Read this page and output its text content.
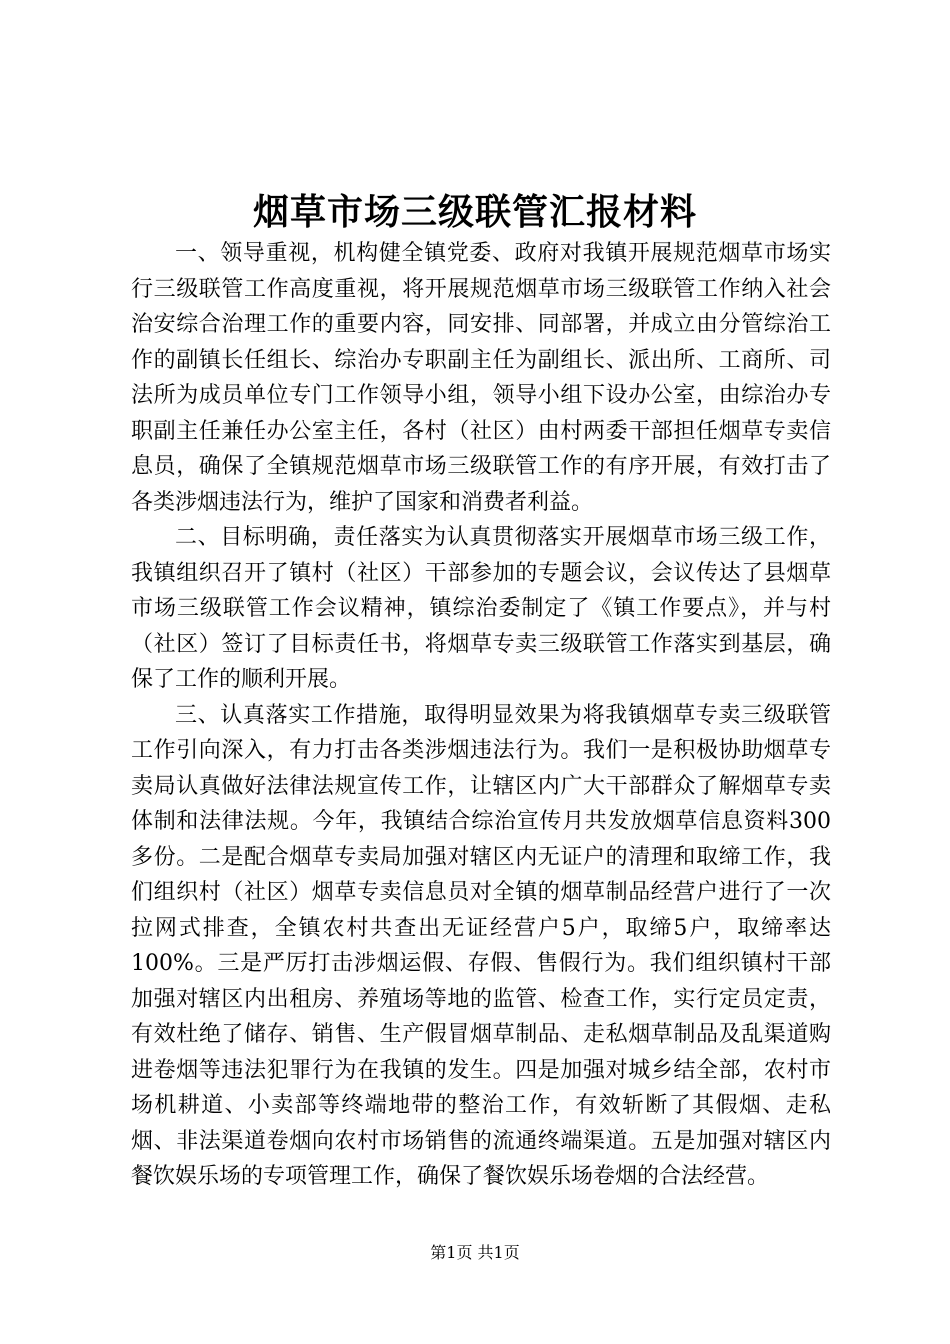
烟草市场三级联管汇报材料

一、领导重视，机构健全镇党委、政府对我镇开展规范烟草市场实行三级联管工作高度重视，将开展规范烟草市场三级联管工作纳入社会治安综合治理工作的重要内容，同安排、同部署，并成立由分管综治工作的副镇长任组长、综治办专职副主任为副组长、派出所、工商所、司法所为成员单位专门工作领导小组，领导小组下设办公室，由综治办专职副主任兼任办公室主任，各村（社区）由村两委干部担任烟草专卖信息员，确保了全镇规范烟草市场三级联管工作的有序开展，有效打击了各类涉烟违法行为，维护了国家和消费者利益。

二、目标明确，责任落实为认真贯彻落实开展烟草市场三级工作，我镇组织召开了镇村（社区）干部参加的专题会议，会议传达了县烟草市场三级联管工作会议精神，镇综治委制定了《镇工作要点》，并与村（社区）签订了目标责任书，将烟草专卖三级联管工作落实到基层，确保了工作的顺利开展。

三、认真落实工作措施，取得明显效果为将我镇烟草专卖三级联管工作引向深入，有力打击各类涉烟违法行为。我们一是积极协助烟草专卖局认真做好法律法规宣传工作，让辖区内广大干部群众了解烟草专卖体制和法律法规。今年，我镇结合综治宣传月共发放烟草信息资料300多份。二是配合烟草专卖局加强对辖区内无证户的清理和取缔工作，我们组织村（社区）烟草专卖信息员对全镇的烟草制品经营户进行了一次拉网式排查，全镇农村共查出无证经营户5户，取缔5户，取缔率达100%。三是严厉打击涉烟运假、存假、售假行为。我们组织镇村干部加强对辖区内出租房、养殖场等地的监管、检查工作，实行定员定责，有效杜绝了储存、销售、生产假冒烟草制品、走私烟草制品及乱渠道购进卷烟等违法犯罪行为在我镇的发生。四是加强对城乡结全部，农村市场机耕道、小卖部等终端地带的整治工作，有效斩断了其假烟、走私烟、非法渠道卷烟向农村市场销售的流通终端渠道。五是加强对辖区内餐饮娱乐场的专项管理工作，确保了餐饮娱乐场卷烟的合法经营。

第1页 共1页
